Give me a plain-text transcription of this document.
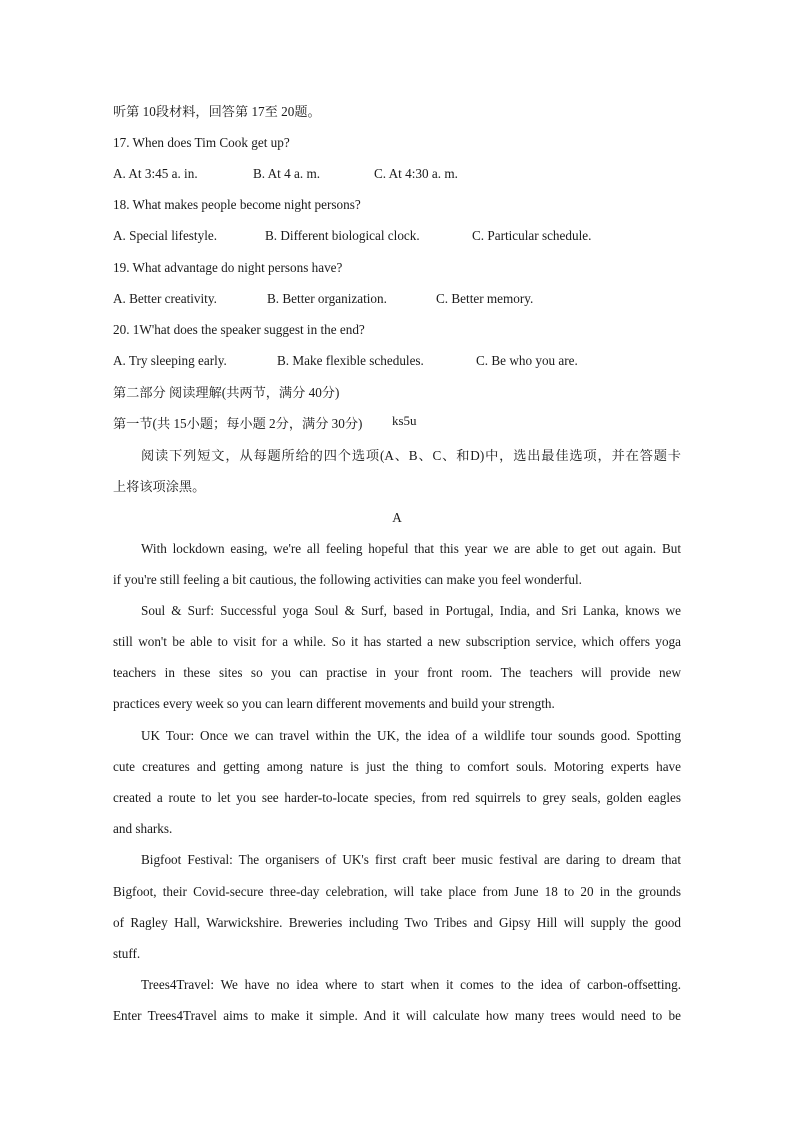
听第 10段材料，回答第 17至 20题。
17. When does Tim Cook get up?
A. At 3:45 a. in.	B. At 4 a. m.	C. At 4:30 a. m.
18. What makes people become night persons?
A. Special lifestyle.	B. Different biological clock.	C. Particular schedule.
19. What advantage do night persons have?
A. Better creativity.	B. Better organization.	C. Better memory.
20. 1W'hat does the speaker suggest in the end?
A. Try sleeping early.	B. Make flexible schedules.	C. Be who you are.
第二部分 阅读理解(共两节，满分 40分)
第一节(共 15小题；每小题 2分，满分 30分) ks5u
阅读下列短文，从每题所给的四个选项(A、B、C、和D)中，选出最佳选项，并在答题卡
上将该项涂黑。
A
With lockdown easing, we're all feeling hopeful that this year we are able to get out again. But
if you're still feeling a bit cautious, the following activities can make you feel wonderful.
Soul & Surf: Successful yoga Soul & Surf, based in Portugal, India, and Sri Lanka, knows we
still won't be able to visit for a while. So it has started a new subscription service, which offers yoga
teachers in these sites so you can practise in your front room. The teachers will provide new
practices every week so you can learn different movements and build your strength.
UK Tour: Once we can travel within the UK, the idea of a wildlife tour sounds good. Spotting
cute creatures and getting among nature is just the thing to comfort souls. Motoring experts have
created a route to let you see harder-to-locate species, from red squirrels to grey seals, golden eagles
and sharks.
Bigfoot Festival: The organisers of UK's first craft beer music festival are daring to dream that
Bigfoot, their Covid-secure three-day celebration, will take place from June 18 to 20 in the grounds
of Ragley Hall, Warwickshire. Breweries including Two Tribes and Gipsy Hill will supply the good
stuff.
Trees4Travel: We have no idea where to start when it comes to the idea of carbon-offsetting.
Enter Trees4Travel aims to make it simple. And it will calculate how many trees would need to be
